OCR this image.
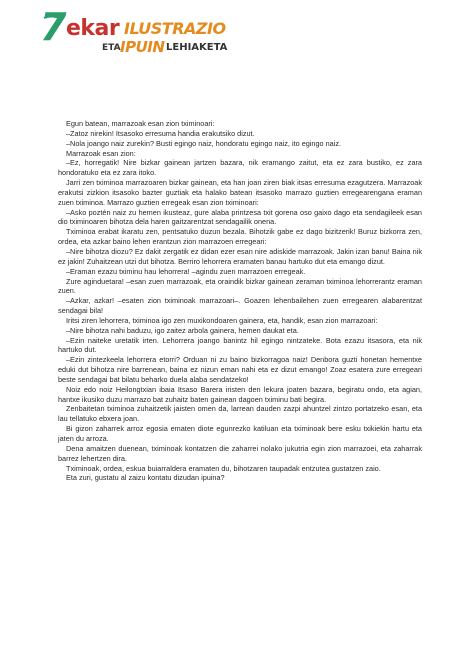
7 ekar ILUSTRAZIO
ETA IPUIN LEHIAKETA

Egun batean, marrazoak esan zion tximinoari:

–Zatoz nirekin! Itsasoko erresuma handia erakutsiko dizut.

–Nola joango naiz zurekin? Busti egingo naiz, hondoratu egingo naiz, ito egingo naiz.

Marrazoak esan zion:

–Ez, horregatik! Nire bizkar gainean jartzen bazara, nik eramango zaitut, eta ez zara bustiko, ez zara hondoratuko eta ez zara itoko.

Jarri zen tximinoa marrazoaren bizkar gainean, eta han joan ziren biak itsas erresuma ezagutzera. Marrazoak erakutsi zizkion itsasoko bazter guztiak eta halako batean itsasoko marrazo guztien erregearengana eraman zuen tximinoa. Marrazo guztien erregeak esan zion tximinoari:

–Asko poztén naiz zu hemen ikusteaz, gure alaba printzesa txit gorena oso gaixo dago eta sendagileek esan dio tximinoaren bihotza dela haren gaitzarentzat sendagailik onena.

Tximinoa erabat ikaratu zen, pentsatuko duzun bezala. Bihotzik gabe ez dago bizitzerik! Buruz bizkorra zen, ordea, eta azkar baino lehen erantzun zion marrazoen erregeari:

–Nire bihotza diozu? Ez dakit zergatik ez didan ezer esan nire adiskide marrazoak. Jakin izan banu! Baina nik ez jakin! Zuhaitzean utzi dut bihotza. Berriro lehorrera eramaten banau hartuko dut eta emango dizut.

–Eraman ezazu tximinu hau lehorrera! –agindu zuen marrazoen erregeak.

Zure aginduetara! –esan zuen marrazoak, eta oraindik bizkar gainean zeraman tximinoa lehorrerantz eraman zuen.

–Azkar, azkar! –esaten zion tximinoak marrazoari–. Goazen lehenbailehen zuen erregearen alabarentzat sendagai bila!

Iritsi ziren lehorrera, tximinoa igo zen muxikondoaren gainera, eta, handik, esan zion marrazoari:

–Nire bihotza nahi baduzu, igo zaitez arbola gainera, hemen daukat eta.

–Ezin naiteke uretatik irten. Lehorrera joango banintz hil egingo nintzateke. Bota ezazu itsasora, eta nik hartuko dut.

–Ezin zintezkeela lehorrera etorri? Orduan ni zu baino bizkorragoa naiz! Denbora guzti honetan hementxe eduki dut bihotza nire barrenean, baina ez nizun eman nahi eta ez dizut emango! Zoaz esatera zure erregeari beste sendagai bat bilatu beharko duela alaba sendatzeko!

Noiz edo noiz Heilongtxian ibaia Itsaso Barera iristen den lekura joaten bazara, begiratu ondo, eta agian, hantxe ikusiko duzu marrazo bat zuhaitz baten gainean dagoen tximinu bati begira.

Zenbaitetan tximinoa zuhaitzetik jaisten omen da, larrean dauden zazpi ahuntzel zintzo portatzeko esan, eta lau tellatuko ebxera joan.

Bi gizon zaharrek arroz egosia ematen diote egunrezko katiluan eta tximinoak bere esku txikiekin hartu eta jaten du arroza.

Dena amaitzen duenean, tximinoak kontatzen die zaharrei nolako jukutria egin zion marrazoei, eta zaharrak barrez lehertzen dira.

Tximinoak, ordea, eskua buiarraldera eramaten du, bihotzaren taupadak entzutea gustatzen zaio.

Eta zuri, gustatu al zaizu kontatu dizudan ipuina?
